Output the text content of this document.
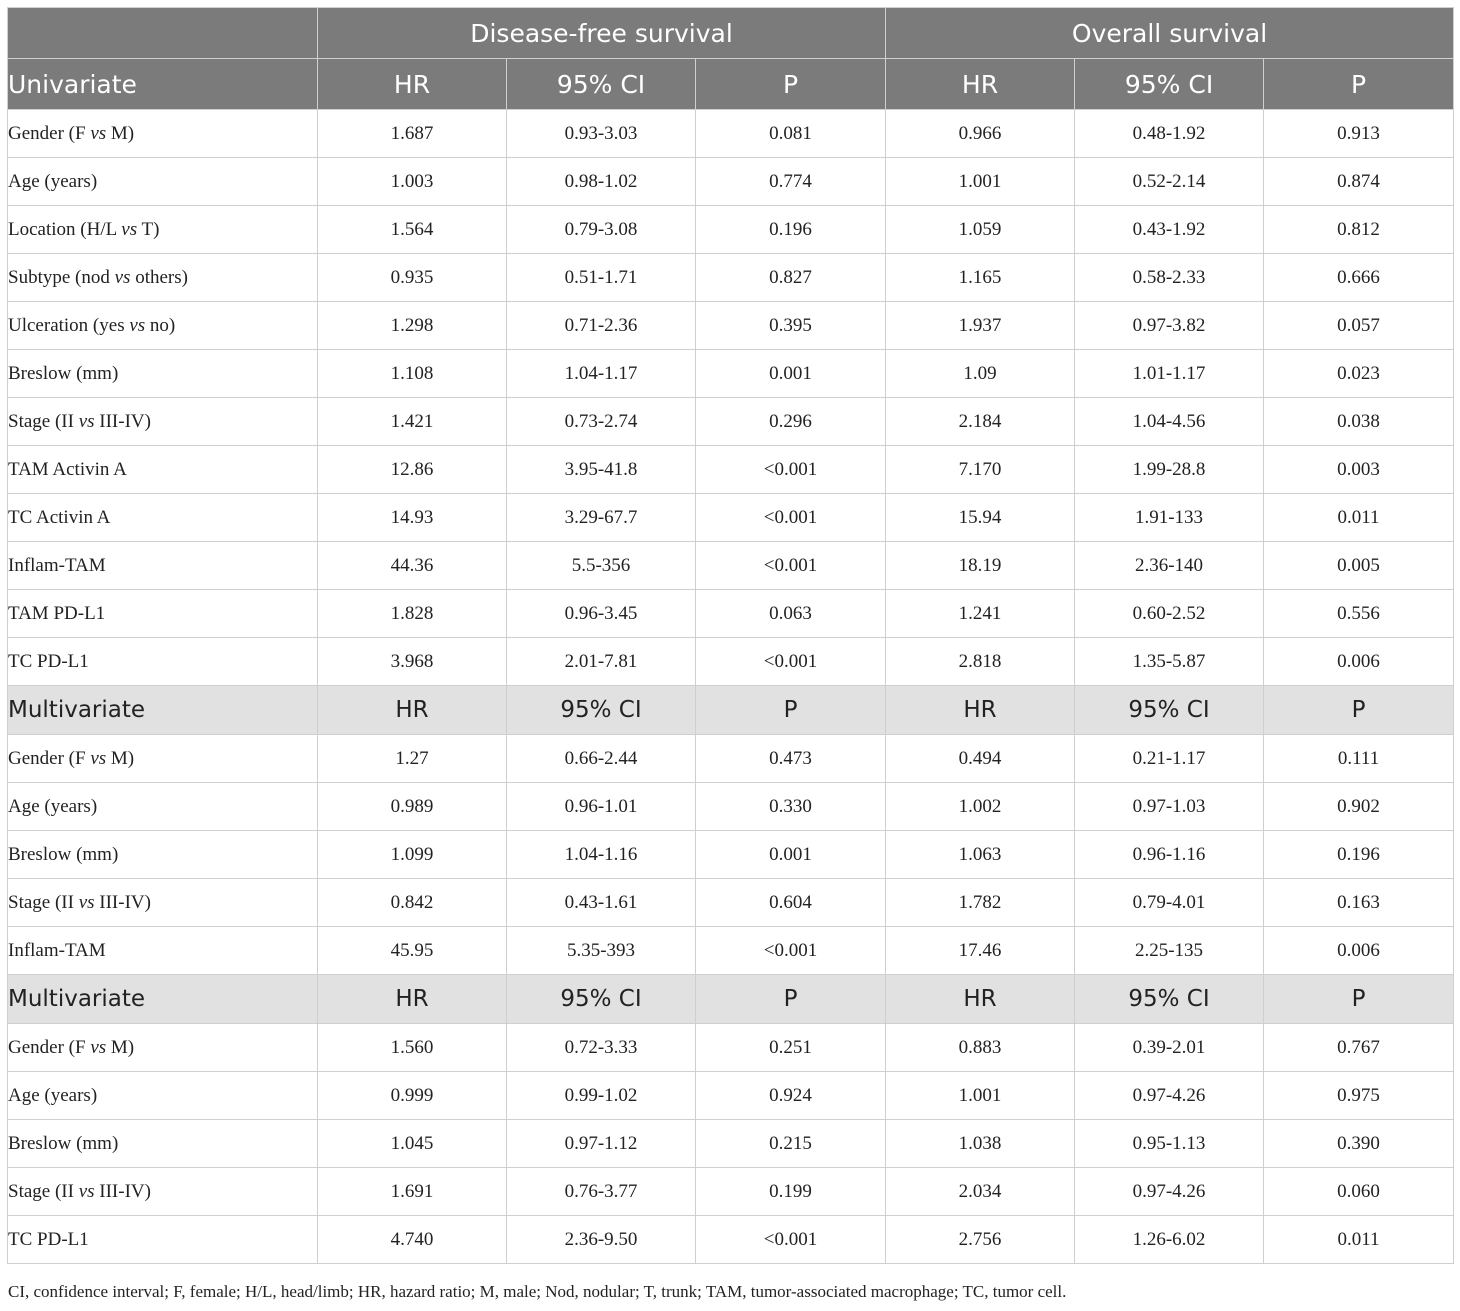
	Disease-free survival			Overall survival		
Univariate	HR	95% CI	P	HR	95% CI	P
Gender (F vs M)	1.687	0.93-3.03	0.081	0.966	0.48-1.92	0.913
Age (years)	1.003	0.98-1.02	0.774	1.001	0.52-2.14	0.874
Location (H/L vs T)	1.564	0.79-3.08	0.196	1.059	0.43-1.92	0.812
Subtype (nod vs others)	0.935	0.51-1.71	0.827	1.165	0.58-2.33	0.666
Ulceration (yes vs no)	1.298	0.71-2.36	0.395	1.937	0.97-3.82	0.057
Breslow (mm)	1.108	1.04-1.17	0.001	1.09	1.01-1.17	0.023
Stage (II vs III-IV)	1.421	0.73-2.74	0.296	2.184	1.04-4.56	0.038
TAM Activin A	12.86	3.95-41.8	<0.001	7.170	1.99-28.8	0.003
TC Activin A	14.93	3.29-67.7	<0.001	15.94	1.91-133	0.011
Inflam-TAM	44.36	5.5-356	<0.001	18.19	2.36-140	0.005
TAM PD-L1	1.828	0.96-3.45	0.063	1.241	0.60-2.52	0.556
TC PD-L1	3.968	2.01-7.81	<0.001	2.818	1.35-5.87	0.006
Multivariate	HR	95% CI	P	HR	95% CI	P
Gender (F vs M)	1.27	0.66-2.44	0.473	0.494	0.21-1.17	0.111
Age (years)	0.989	0.96-1.01	0.330	1.002	0.97-1.03	0.902
Breslow (mm)	1.099	1.04-1.16	0.001	1.063	0.96-1.16	0.196
Stage (II vs III-IV)	0.842	0.43-1.61	0.604	1.782	0.79-4.01	0.163
Inflam-TAM	45.95	5.35-393	<0.001	17.46	2.25-135	0.006
Multivariate	HR	95% CI	P	HR	95% CI	P
Gender (F vs M)	1.560	0.72-3.33	0.251	0.883	0.39-2.01	0.767
Age (years)	0.999	0.99-1.02	0.924	1.001	0.97-4.26	0.975
Breslow (mm)	1.045	0.97-1.12	0.215	1.038	0.95-1.13	0.390
Stage (II vs III-IV)	1.691	0.76-3.77	0.199	2.034	0.97-4.26	0.060
TC PD-L1	4.740	2.36-9.50	<0.001	2.756	1.26-6.02	0.011
CI, confidence interval; F, female; H/L, head/limb; HR, hazard ratio; M, male; Nod, nodular; T, trunk; TAM, tumor-associated macrophage; TC, tumor cell.
